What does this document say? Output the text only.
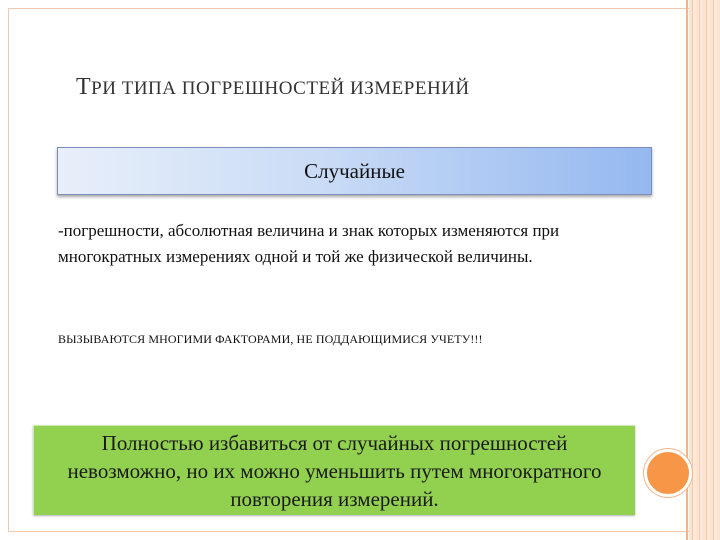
ТРИ ТИПА ПОГРЕШНОСТЕЙ ИЗМЕРЕНИЙ
Случайные
-погрешности, абсолютная величина и знак которых изменяются при многократных измерениях одной и той же физической величины.
ВЫЗЫВАЮТСЯ МНОГИМИ ФАКТОРАМИ, НЕ ПОДДАЮЩИМИСЯ УЧЕТУ!!!
Полностью избавиться от случайных погрешностей невозможно, но их можно уменьшить путем многократного повторения измерений.
